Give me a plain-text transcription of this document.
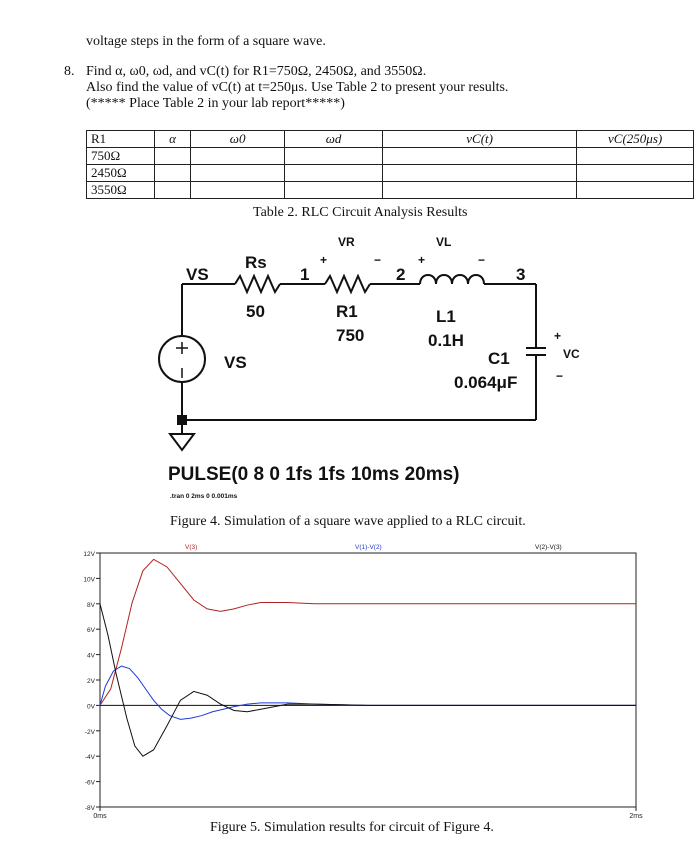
voltage steps in the form of a square wave.
8. Find α, ω0, ωd, and vC(t) for R1=750Ω, 2450Ω, and 3550Ω.
Also find the value of vC(t) at t=250μs. Use Table 2 to present your results.
(***** Place Table 2 in your lab report*****)
R1	α	ω0	ωd	vC(t)	vC(250μs)
750Ω					
2450Ω					
3550Ω					
Table 2. RLC Circuit Analysis Results
VS
Rs
50
1	2	3
R1
750
L1
0.1H
C1
0.064μF
VS
VR	VL
VC
+	−	+	−
+
−
PULSE(0 8 0 1fs 1fs 10ms 20ms)
.tran 0 2ms 0 0.001ms
Figure 4. Simulation of a square wave applied to a RLC circuit.
12V
10V
8V
6V
4V
2V
0V
-2V
-4V
-6V
-8V
0ms	2ms
V(3)	V(1)-V(2)	V(2)-V(3)
Figure 5. Simulation results for circuit of Figure 4.
